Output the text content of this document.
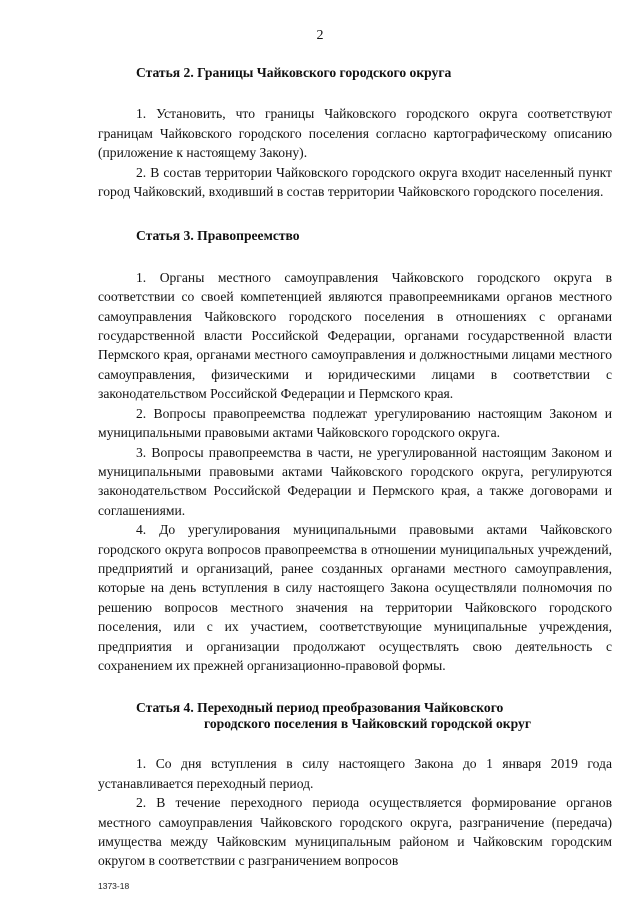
2

Статья 2. Границы Чайковского городского округа

1. Установить, что границы Чайковского городского округа соответствуют границам Чайковского городского поселения согласно картографическому описанию (приложение к настоящему Закону).

2. В состав территории Чайковского городского округа входит населенный пункт город Чайковский, входивший в состав территории Чайковского городского поселения.

Статья 3. Правопреемство

1. Органы местного самоуправления Чайковского городского округа в соответствии со своей компетенцией являются правопреемниками органов местного самоуправления Чайковского городского поселения в отношениях с органами государственной власти Российской Федерации, органами государственной власти Пермского края, органами местного самоуправления и должностными лицами местного самоуправления, физическими и юридическими лицами в соответствии с законодательством Российской Федерации и Пермского края.

2. Вопросы правопреемства подлежат урегулированию настоящим Законом и муниципальными правовыми актами Чайковского городского округа.

3. Вопросы правопреемства в части, не урегулированной настоящим Законом и муниципальными правовыми актами Чайковского городского округа, регулируются законодательством Российской Федерации и Пермского края, а также договорами и соглашениями.

4. До урегулирования муниципальными правовыми актами Чайковского городского округа вопросов правопреемства в отношении муниципальных учреждений, предприятий и организаций, ранее созданных органами местного самоуправления, которые на день вступления в силу настоящего Закона осуществляли полномочия по решению вопросов местного значения на территории Чайковского городского поселения, или с их участием, соответствующие муниципальные учреждения, предприятия и организации продолжают осуществлять свою деятельность с сохранением их прежней организационно-правовой формы.

Статья 4. Переходный период преобразования Чайковского
городского поселения в Чайковский городской округ

1. Со дня вступления в силу настоящего Закона до 1 января 2019 года устанавливается переходный период.

2. В течение переходного периода осуществляется формирование органов местного самоуправления Чайковского городского округа, разграничение (передача) имущества между Чайковским муниципальным районом и Чайковским городским округом в соответствии с разграничением вопросов

1373-18
